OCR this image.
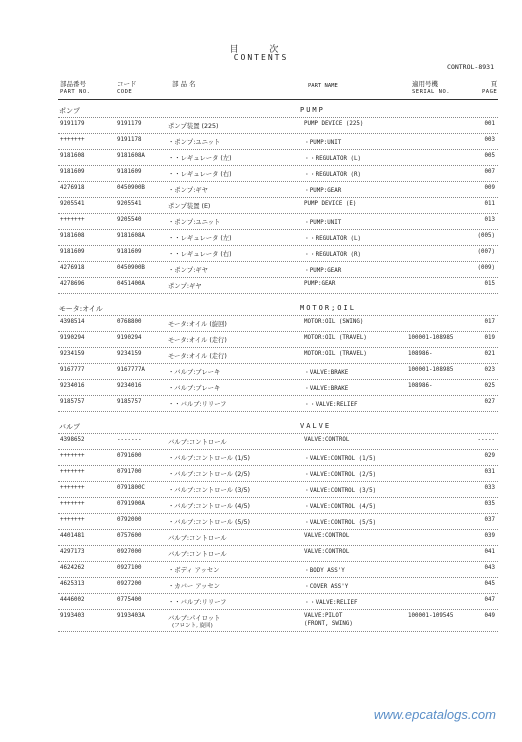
目 次
CONTENTS
CONTROL-8931
部品番号
PART NO.
コード
CODE
部 品 名	PART NAME	適用号機
SERIAL NO.
頁
PAGE
ポンプ	PUMP
9191179	9191179	ポンプ装置 (225)	PUMP DEVICE (225)	001
+++++++	9191178	・ポンプ:ユニット	・PUMP:UNIT	003
9181608	9181608A	・・レギュレータ (左)	・・REGULATOR (L)	005
9181609	9181609	・・レギュレータ (右)	・・REGULATOR (R)	007
4276918	0450900B	・ポンプ:ギヤ	・PUMP:GEAR	009
9205541	9205541	ポンプ装置 (E)	PUMP DEVICE (E)	011
+++++++	9205540	・ポンプ:ユニット	・PUMP:UNIT	013
9181608	9181608A	・・レギュレータ (左)	・・REGULATOR (L)	(005)
9181609	9181609	・・レギュレータ (右)	・・REGULATOR (R)	(007)
4276918	0450900B	・ポンプ:ギヤ	・PUMP:GEAR	(009)
4278696	0451400A	ポンプ:ギヤ	PUMP:GEAR	015
モータ:オイル	MOTOR;OIL
4398514	0768800	モータ:オイル (旋回)	MOTOR:OIL (SWING)	017
9190294	9190294	モータ:オイル (走行)	MOTOR:OIL (TRAVEL)	100001-108985	019
9234159	9234159	モータ:オイル (走行)	MOTOR:OIL (TRAVEL)	108986-	021
9167777	9167777A	・バルブ:ブレーキ	・VALVE:BRAKE	100001-108985	023
9234016	9234016	・バルブ:ブレーキ	・VALVE:BRAKE	108986-	025
9185757	9185757	・・バルブ:リリーフ	・・VALVE:RELIEF	027
バルブ	VALVE
4398652	-------	バルブ:コントロール	VALVE:CONTROL	-----
+++++++	0791600	・バルブ:コントロール (1/5)	・VALVE:CONTROL (1/5)	029
+++++++	0791700	・バルブ:コントロール (2/5)	・VALVE:CONTROL (2/5)	031
+++++++	0791800C	・バルブ:コントロール (3/5)	・VALVE:CONTROL (3/5)	033
+++++++	0791900A	・バルブ:コントロール (4/5)	・VALVE:CONTROL (4/5)	035
+++++++	0792000	・バルブ:コントロール (5/5)	・VALVE:CONTROL (5/5)	037
4401481	0757600	バルブ:コントロール	VALVE:CONTROL	039
4297173	0927000	バルブ:コントロール	VALVE:CONTROL	041
4624262	0927100	・ボディ アッセン	・BODY ASS'Y	043
4625313	0927200	・カバー アッセン	・COVER ASS'Y	045
4446002	0775400	・・バルブ:リリーフ	・・VALVE:RELIEF	047
9193403	9193403A	バルブ:パイロット	VALVE:PILOT	100001-109545	049
(フロント, 旋回)	(FRONT, SWING)
www.epcatalogs.com
